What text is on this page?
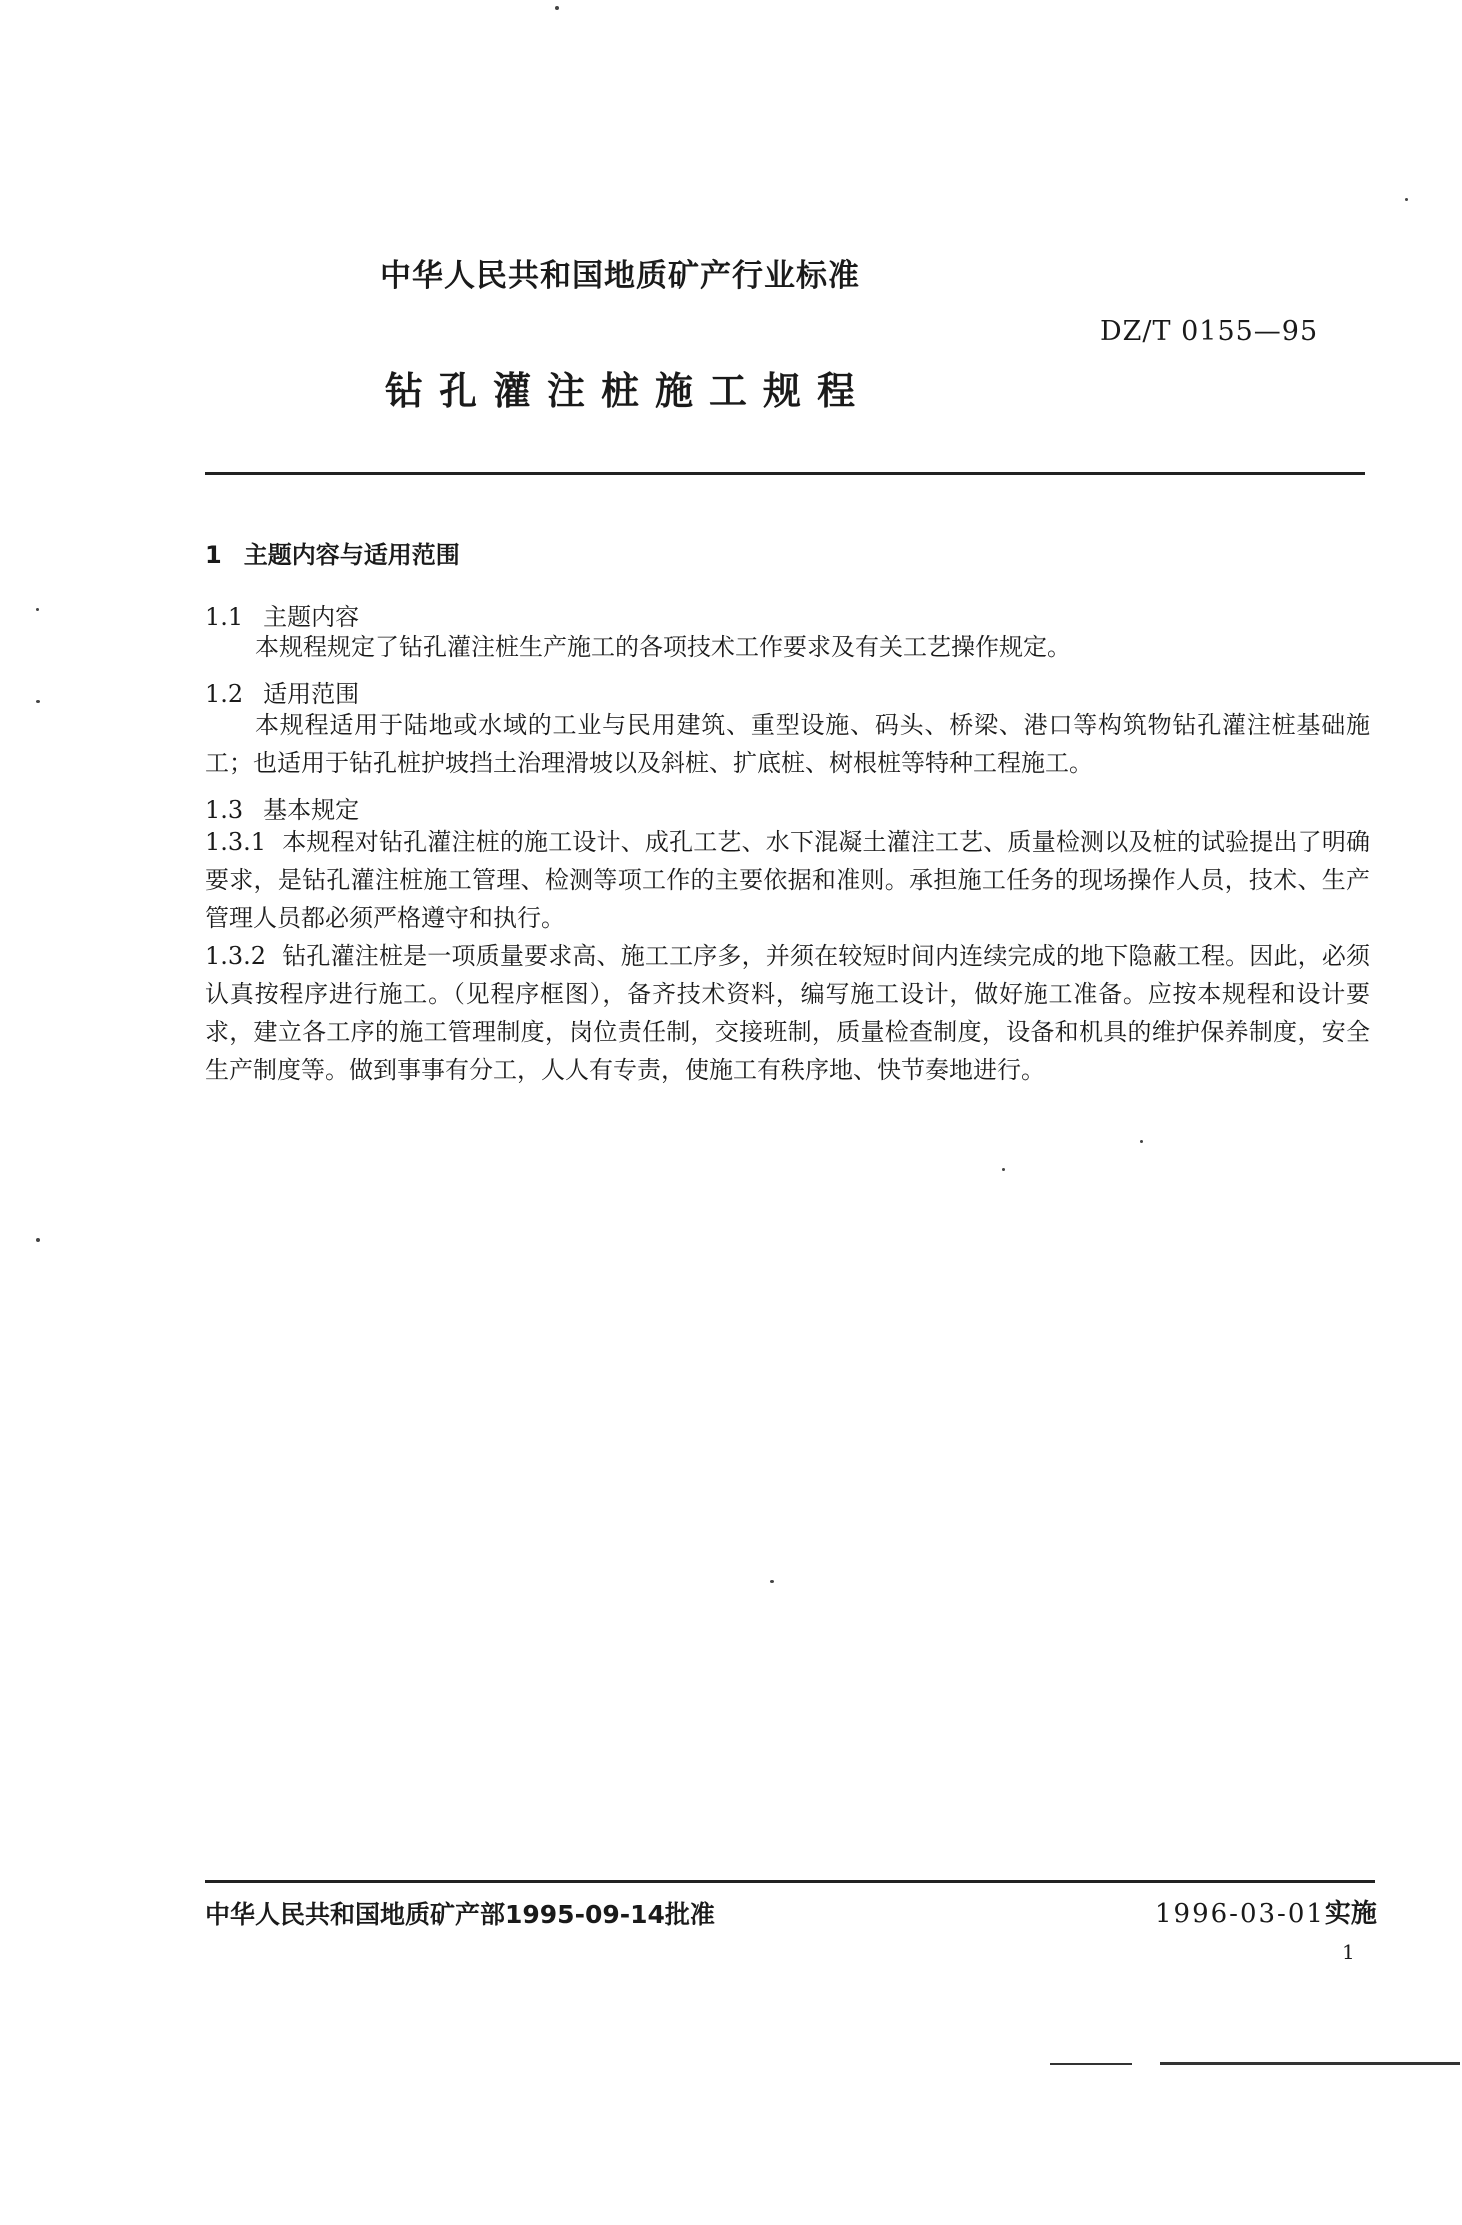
中华人民共和国地质矿产行业标准
DZ/T 0155—95
钻孔灌注桩施工规程
1 主题内容与适用范围
1.1 主题内容
本规程规定了钻孔灌注桩生产施工的各项技术工作要求及有关工艺操作规定。
1.2 适用范围
本规程适用于陆地或水域的工业与民用建筑、重型设施、码头、桥梁、港口等构筑物钻孔灌注桩基础施工；也适用于钻孔桩护坡挡土治理滑坡以及斜桩、扩底桩、树根桩等特种工程施工。
1.3 基本规定
1.3.1 本规程对钻孔灌注桩的施工设计、成孔工艺、水下混凝土灌注工艺、质量检测以及桩的试验提出了明确要求，是钻孔灌注桩施工管理、检测等项工作的主要依据和准则。承担施工任务的现场操作人员，技术、生产管理人员都必须严格遵守和执行。
1.3.2 钻孔灌注桩是一项质量要求高、施工工序多，并须在较短时间内连续完成的地下隐蔽工程。因此，必须认真按程序进行施工。（见程序框图），备齐技术资料，编写施工设计，做好施工准备。应按本规程和设计要求，建立各工序的施工管理制度，岗位责任制，交接班制，质量检查制度，设备和机具的维护保养制度，安全生产制度等。做到事事有分工，人人有专责，使施工有秩序地、快节奏地进行。
中华人民共和国地质矿产部1995-09-14批准	1996-03-01实施
1
